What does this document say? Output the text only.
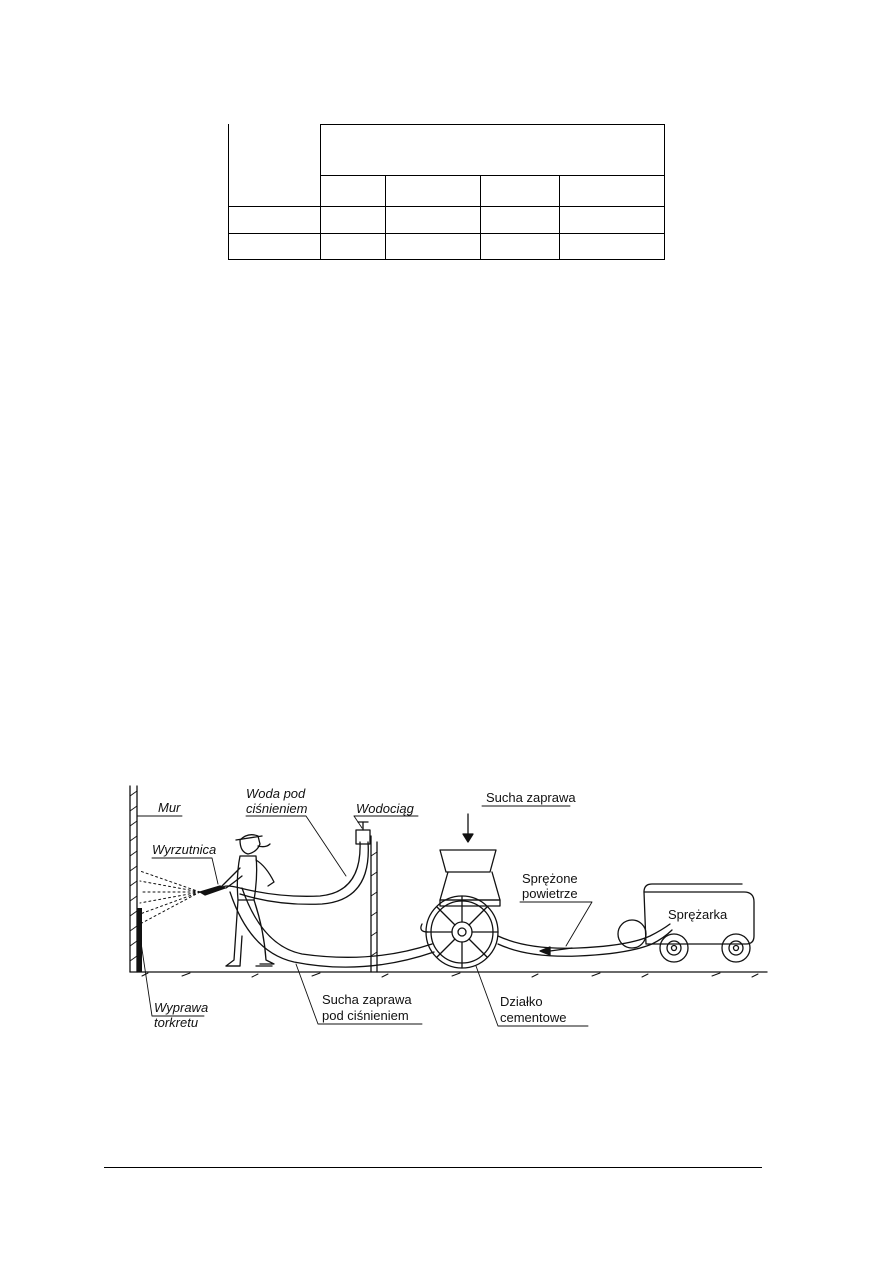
Mur
Woda pod
ciśnieniem	Wodociąg
Sucha zaprawa
Wyrzutnica
Sprężone
powietrze
Sprężarka
Wyprawa
torkretu
Sucha zaprawa
pod ciśnieniem
Działko
cementowe
